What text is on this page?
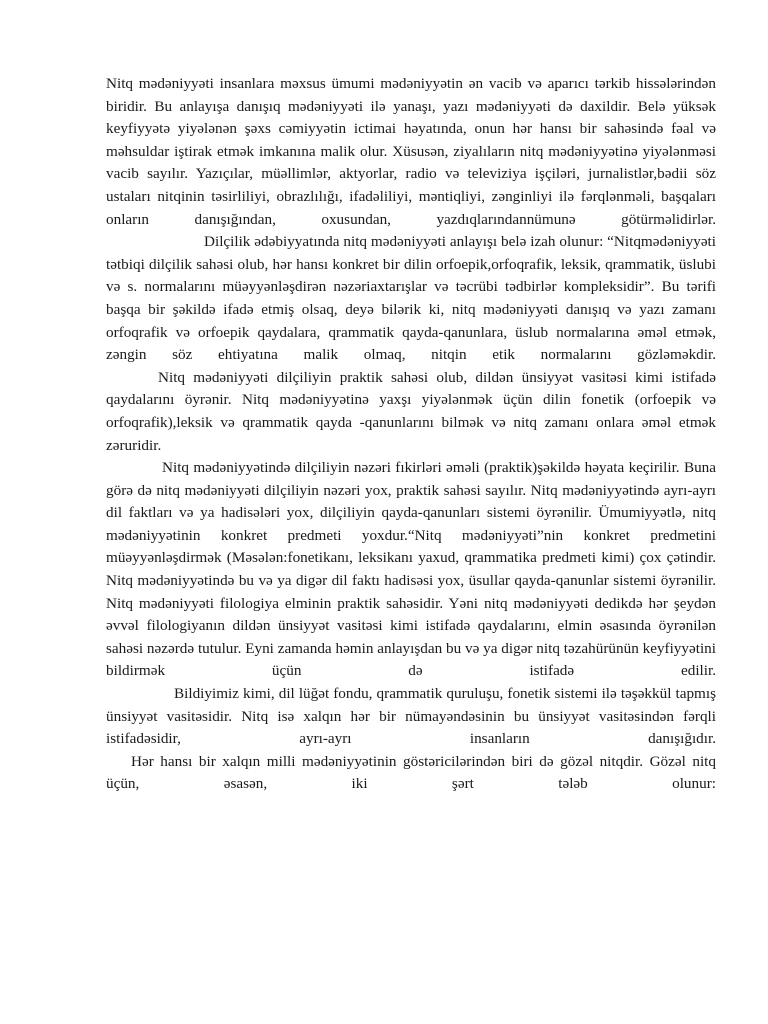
Nitq mədəniyyəti insanlara məxsus ümumi mədəniyyətin ən vacib və aparıcı tərkib hissələrindən biridir. Bu anlayışa danışıq mədəniyyəti ilə yanaşı, yazı mədəniyyəti də daxildir. Belə yüksək keyfiyyətə yiyələnən şəxs cəmiyyətin ictimai həyatında, onun hər hansı bir sahəsində fəal və məhsuldar iştirak etmək imkanına malik olur. Xüsusən, ziyalıların nitq mədəniyyətinə yiyələnməsi vacib sayılır. Yazıçılar, müəllimlər, aktyorlar, radio və televiziya işçiləri, jurnalistlər,bədii söz ustaları nitqinin təsirliliyi, obrazlılığı, ifadəliliyi, məntiqliyi, zənginliyi ilə fərqlənməli, başqaları onların danışığından, oxusundan, yazdıqlarındannümunə götürməlidirlər.

Dilçilik ədəbiyyatında nitq mədəniyyəti anlayışı belə izah olunur: “Nitqmədəniyyəti tətbiqi dilçilik sahəsi olub, hər hansı konkret bir dilin orfoepik,orfoqrafik, leksik, qrammatik, üslubi və s. normalarını müəyyənləşdirən nəzəriaxtarışlar və təcrübi tədbirlər kompleksidir”. Bu tərifi başqa bir şəkildə ifadə etmiş olsaq, deyə bilərik ki, nitq mədəniyyəti danışıq və yazı zamanı orfoqrafik və orfoepik qaydalara, qrammatik qayda-qanunlara, üslub normalarına əməl etmək, zəngin söz ehtiyatına malik olmaq, nitqin etik normalarını gözləməkdir.

Nitq mədəniyyəti dilçiliyin praktik sahəsi olub, dildən ünsiyyət vasitəsi kimi istifadə qaydalarını öyrənir. Nitq mədəniyyətinə yaxşı yiyələnmək üçün dilin fonetik (orfoepik və orfoqrafik),leksik və qrammatik qayda -qanunlarını bilmək və nitq zamanı onlara əməl etmək zəruridir.

Nitq mədəniyyətində dilçiliyin nəzəri fıkirləri əməli (praktik)şəkildə həyata keçirilir. Buna görə də nitq mədəniyyəti dilçiliyin nəzəri yox, praktik sahəsi sayılır. Nitq mədəniyyətində ayrı-ayrı dil faktları və ya hadisələri yox, dilçiliyin qayda-qanunları sistemi öyrənilir. Ümumiyyətlə, nitq mədəniyyətinin konkret predmeti yoxdur.“Nitq mədəniyyəti”nin konkret predmetini müəyyənləşdirmək (Məsələn:fonetikanı, leksikanı yaxud, qrammatika predmeti kimi) çox çətindir. Nitq mədəniyyətində bu və ya digər dil faktı hadisəsi yox, üsullar qayda-qanunlar sistemi öyrənilir. Nitq mədəniyyəti filologiya elminin praktik sahəsidir. Yəni nitq mədəniyyəti dedikdə hər şeydən əvvəl filologiyanın dildən ünsiyyət vasitəsi kimi istifadə qaydalarını, elmin əsasında öyrənilən sahəsi nəzərdə tutulur. Eyni zamanda həmin anlayışdan bu və ya digər nitq təzahürünün keyfiyyətini bildirmək üçün də istifadə edilir.

Bildiyimiz kimi, dil lüğət fondu, qrammatik quruluşu, fonetik sistemi ilə təşəkkül tapmış ünsiyyət vasitəsidir. Nitq isə xalqın hər bir nümayəndəsinin bu ünsiyyət vasitəsindən fərqli istifadəsidir, ayrı-ayrı insanların danışığıdır.

Hər hansı bir xalqın milli mədəniyyətinin göstəricilərindən biri də gözəl nitqdir. Gözəl nitq üçün, əsasən, iki şərt tələb olunur:
